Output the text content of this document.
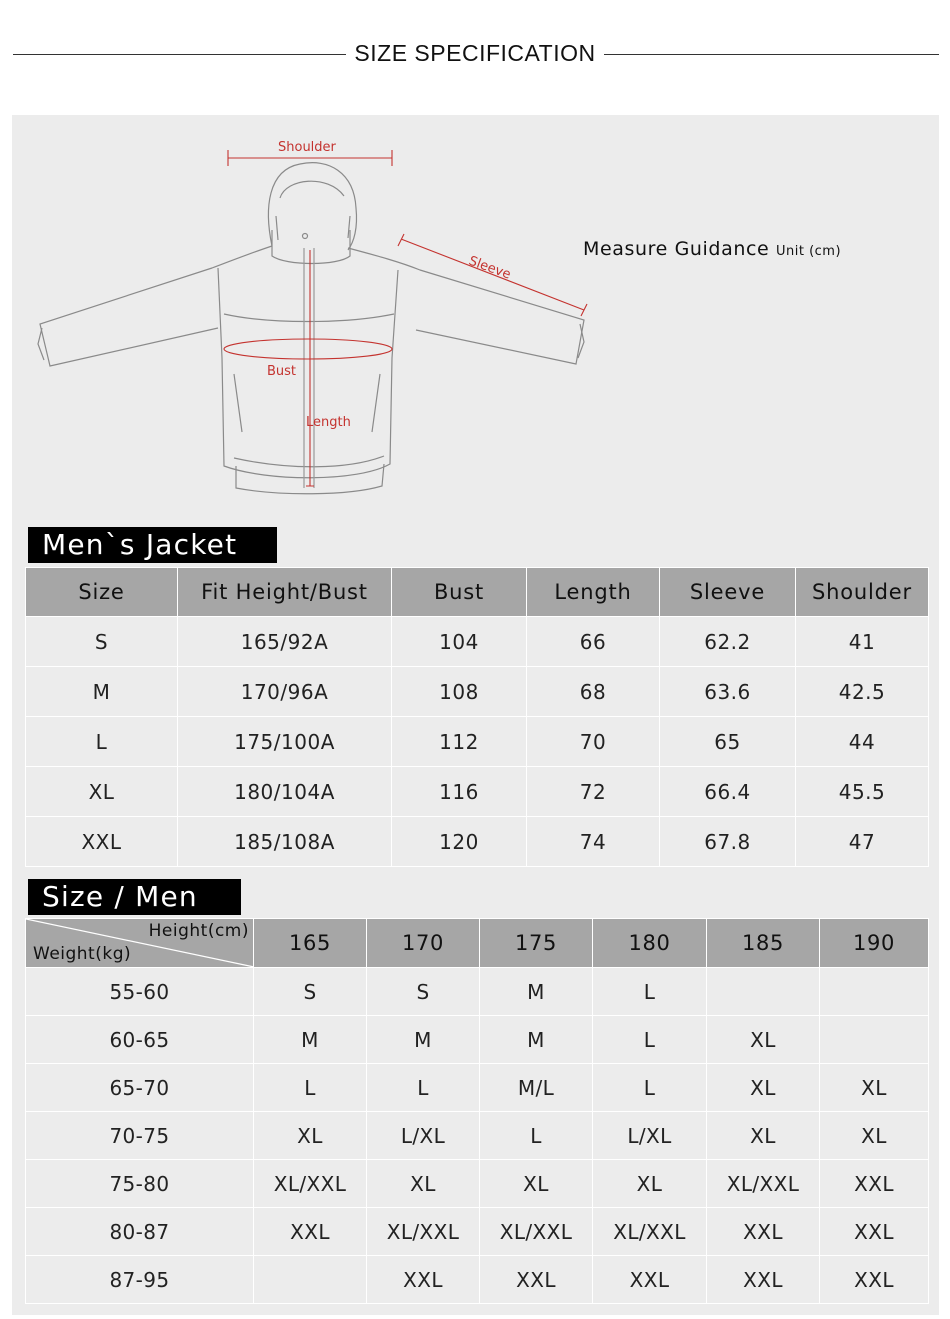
SIZE SPECIFICATION
Shoulder
Sleeve
Bust
Length
Measure Guidance Unit (cm)
Men`s Jacket
Size	Fit Height/Bust	Bust	Length	Sleeve	Shoulder
S	165/92A	104	66	62.2	41
M	170/96A	108	68	63.6	42.5
L	175/100A	112	70	65	44
XL	180/104A	116	72	66.4	45.5
XXL	185/108A	120	74	67.8	47
Size / Men
Height(cm)
Weight(kg)	165	170	175	180	185	190
55-60	S	S	M	L		
60-65	M	M	M	L	XL	
65-70	L	L	M/L	L	XL	XL
70-75	XL	L/XL	L	L/XL	XL	XL
75-80	XL/XXL	XL	XL	XL	XL/XXL	XXL
80-87	XXL	XL/XXL	XL/XXL	XL/XXL	XXL	XXL
87-95		XXL	XXL	XXL	XXL	XXL
